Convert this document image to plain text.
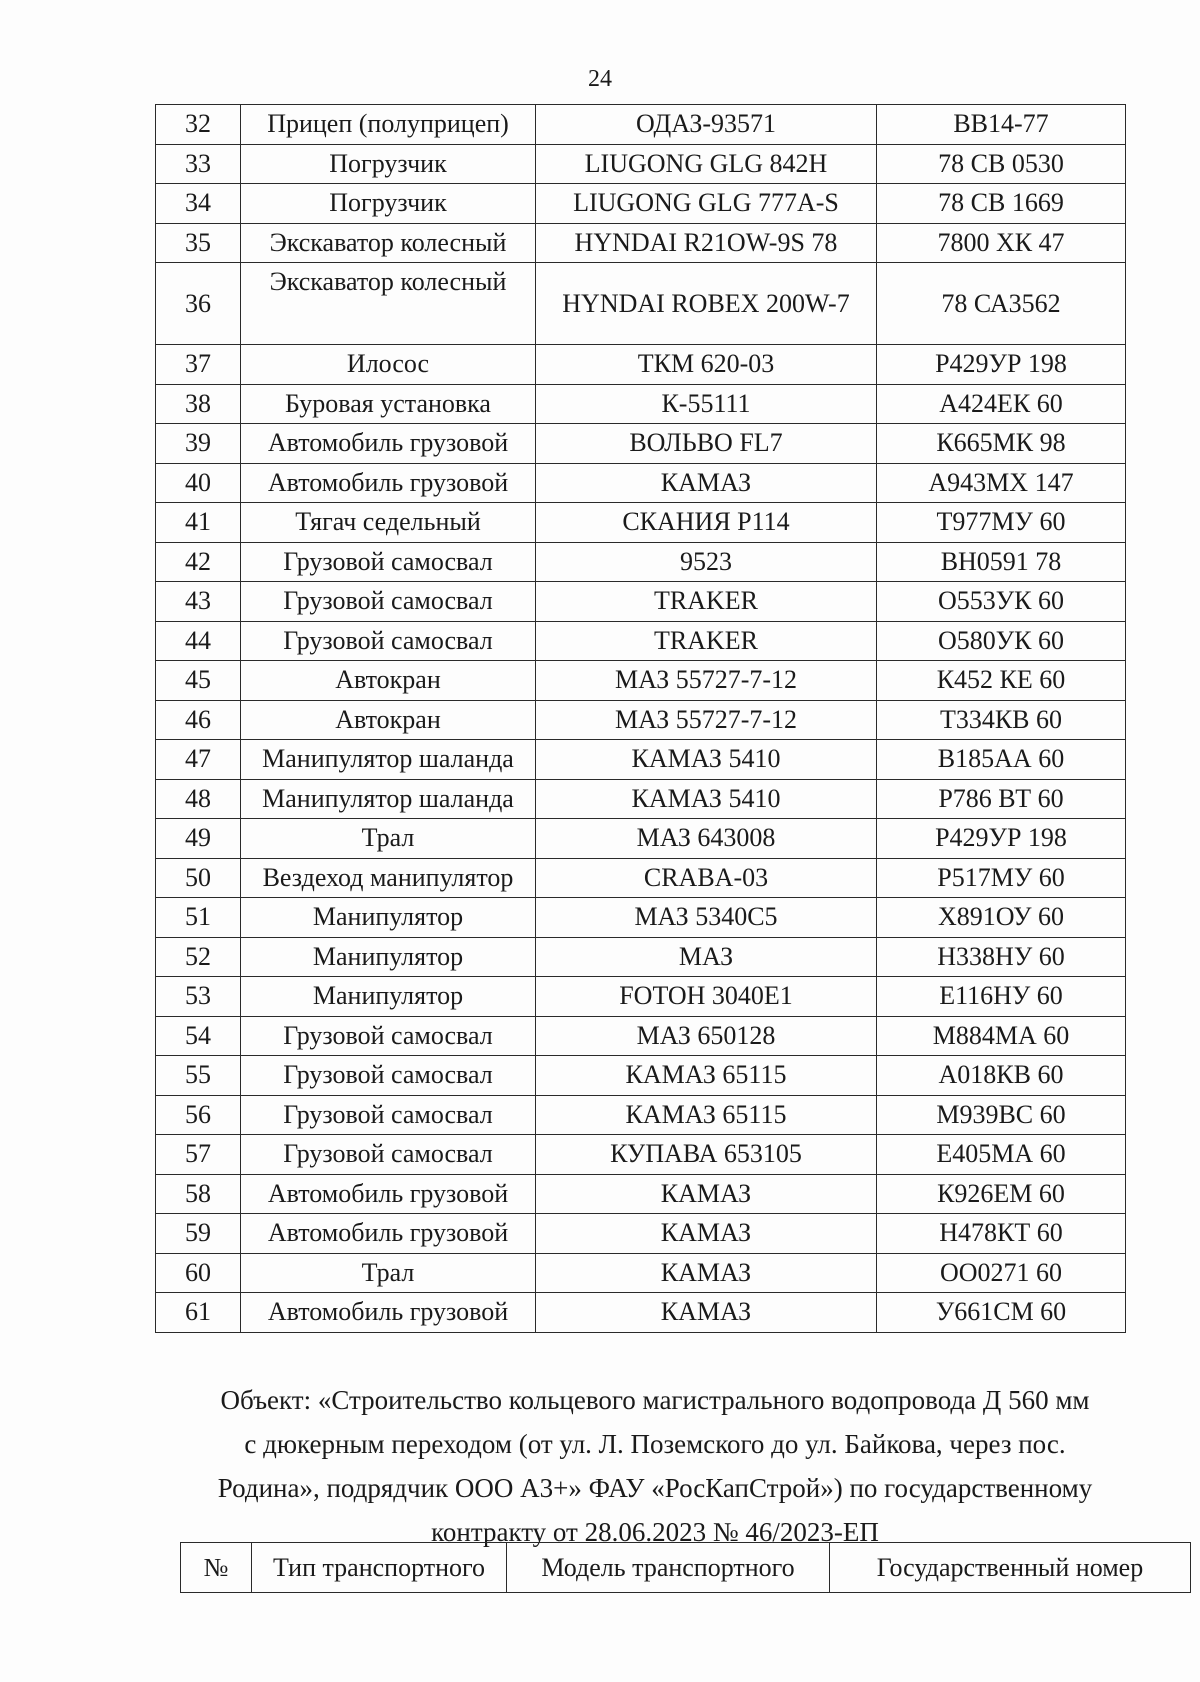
24
32	Прицеп (полуприцеп)	ОДАЗ-93571	ВВ14-77
33	Погрузчик	LIUGONG GLG 842H	78 СВ 0530
34	Погрузчик	LIUGONG GLG 777A-S	78 СВ 1669
35	Экскаватор колесный	HYNDAI R21OW-9S 78	7800 ХК 47
36	Экскаватор колесный	HYNDAI ROBEX 200W-7	78 СА3562
37	Илосос	ТКМ 620-03	Р429УР 198
38	Буровая установка	К-55111	А424ЕК 60
39	Автомобиль грузовой	ВОЛЬВО FL7	К665МК 98
40	Автомобиль грузовой	КАМАЗ	А943МХ 147
41	Тягач седельный	СКАНИЯ Р114	Т977МУ 60
42	Грузовой самосвал	9523	ВН0591 78
43	Грузовой самосвал	TRAKER	О553УК 60
44	Грузовой самосвал	TRAKER	О580УК 60
45	Автокран	МАЗ 55727-7-12	К452 КЕ 60
46	Автокран	МАЗ 55727-7-12	Т334КВ 60
47	Манипулятор шаланда	КАМАЗ 5410	В185АА 60
48	Манипулятор шаланда	КАМАЗ 5410	Р786 ВТ 60
49	Трал	МАЗ 643008	Р429УР 198
50	Вездеход манипулятор	CRABA-03	Р517МУ 60
51	Манипулятор	МАЗ 5340С5	Х891ОУ 60
52	Манипулятор	МАЗ	Н338НУ 60
53	Манипулятор	FOTOH 3040E1	Е116НУ 60
54	Грузовой самосвал	МАЗ 650128	М884МА 60
55	Грузовой самосвал	КАМАЗ 65115	А018КВ 60
56	Грузовой самосвал	КАМАЗ 65115	М939ВС 60
57	Грузовой самосвал	КУПАВА 653105	Е405МА 60
58	Автомобиль грузовой	КАМАЗ	К926ЕМ 60
59	Автомобиль грузовой	КАМАЗ	Н478КТ 60
60	Трал	КАМАЗ	ОО0271 60
61	Автомобиль грузовой	КАМАЗ	У661СМ 60
Объект: «Строительство кольцевого магистрального водопровода Д 560 мм
с дюкерным переходом (от ул. Л. Поземского до ул. Байкова, через пос.
Родина», подрядчик ООО А3+» ФАУ «РосКапСтрой») по государственному
контракту от 28.06.2023 № 46/2023-ЕП
№	Тип транспортного	Модель транспортного	Государственный номер
